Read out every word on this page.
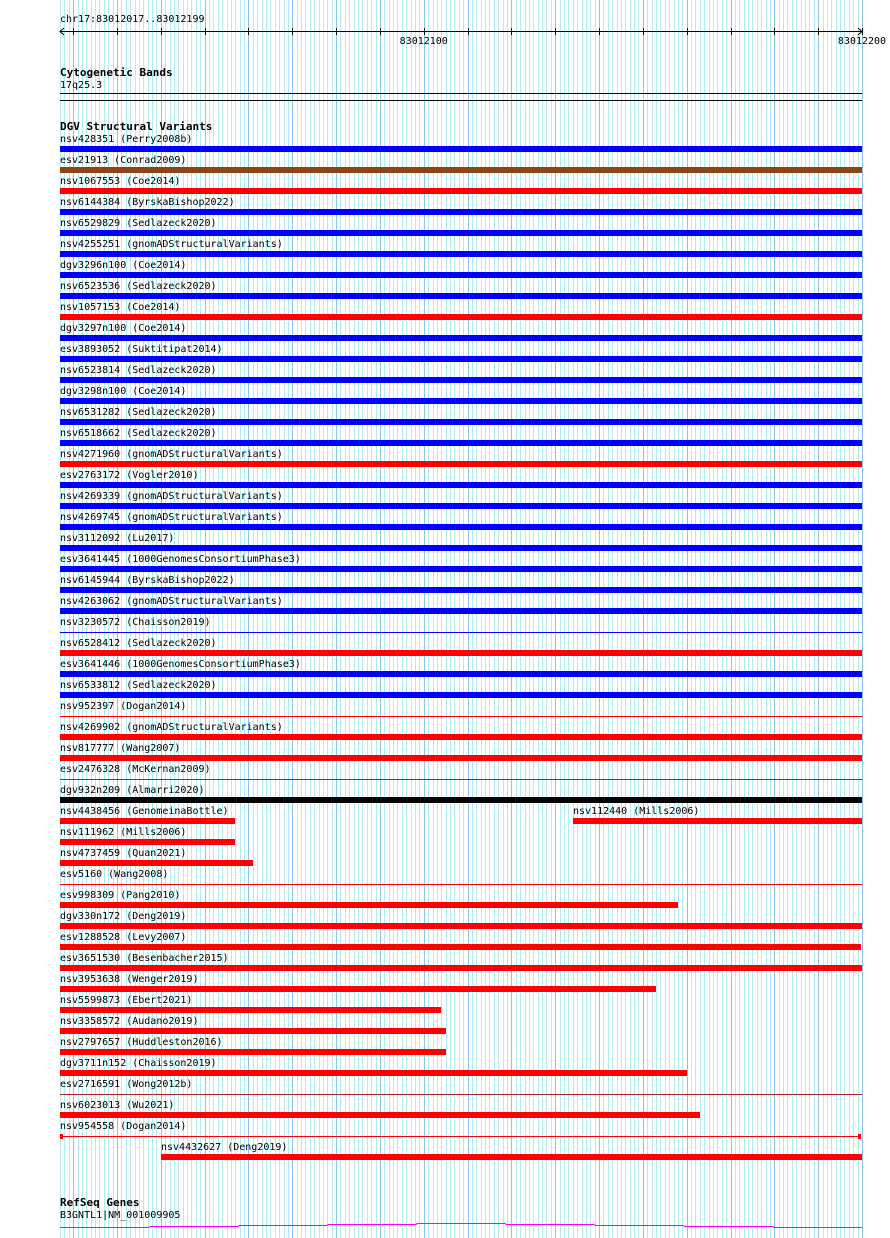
chr17:83012017..83012199
83012100	83012200
Cytogenetic Bands
17q25.3
DGV Structural Variants
nsv428351 (Perry2008b)
esv21913 (Conrad2009)
nsv1067553 (Coe2014)
nsv6144384 (ByrskaBishop2022)
nsv6529829 (Sedlazeck2020)
nsv4255251 (gnomADStructuralVariants)
dgv3296n100 (Coe2014)
nsv6523536 (Sedlazeck2020)
nsv1057153 (Coe2014)
dgv3297n100 (Coe2014)
esv3893052 (Suktitipat2014)
nsv6523814 (Sedlazeck2020)
dgv3298n100 (Coe2014)
nsv6531282 (Sedlazeck2020)
nsv6518662 (Sedlazeck2020)
nsv4271960 (gnomADStructuralVariants)
esv2763172 (Vogler2010)
nsv4269339 (gnomADStructuralVariants)
nsv4269745 (gnomADStructuralVariants)
nsv3112092 (Lu2017)
esv3641445 (1000GenomesConsortiumPhase3)
nsv6145944 (ByrskaBishop2022)
nsv4263062 (gnomADStructuralVariants)
nsv3230572 (Chaisson2019)
nsv6528412 (Sedlazeck2020)
esv3641446 (1000GenomesConsortiumPhase3)
nsv6533812 (Sedlazeck2020)
nsv952397 (Dogan2014)
nsv4269902 (gnomADStructuralVariants)
nsv817777 (Wang2007)
esv2476328 (McKernan2009)
dgv932n209 (Almarri2020)
nsv4438456 (GenomeinaBottle)	nsv112440 (Mills2006)
nsv111962 (Mills2006)
nsv4737459 (Quan2021)
esv5160 (Wang2008)
esv998309 (Pang2010)
dgv330n172 (Deng2019)
esv1288528 (Levy2007)
esv3651530 (Besenbacher2015)
nsv3953638 (Wenger2019)
nsv5599873 (Ebert2021)
nsv3358572 (Audano2019)
nsv2797657 (Huddleston2016)
dgv3711n152 (Chaisson2019)
esv2716591 (Wong2012b)
nsv6023013 (Wu2021)
nsv954558 (Dogan2014)
nsv4432627 (Deng2019)
RefSeq Genes
B3GNTL1|NM_001009905
